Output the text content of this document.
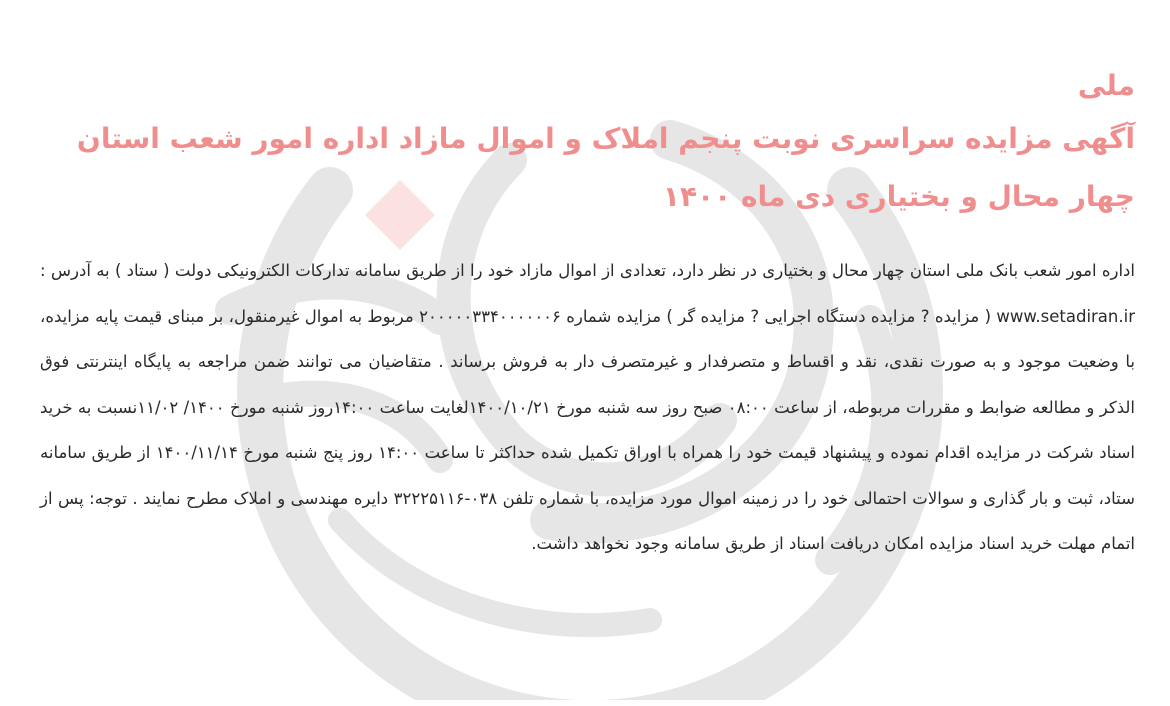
ملی
آگهی مزایده سراسری نوبت پنجم املاک و اموال مازاد اداره امور شعب استان چهار محال و بختیاری دی ماه ۱۴۰۰

اداره امور شعب بانک ملی استان چهار محال و بختیاری در نظر دارد، تعدادی از اموال مازاد خود را از طریق سامانه تدارکات الکترونیکی دولت ( ستاد ) به آدرس : www.setadiran.ir ( مزایده ? مزایده دستگاه اجرایی ? مزایده گر ) مزایده شماره ۲۰۰۰۰۰۳۳۴۰۰۰۰۰۰۶ مربوط به اموال غیرمنقول، بر مبنای قیمت پایه مزایده، با وضعیت موجود و به صورت نقدی، نقد و اقساط و متصرفدار و غیرمتصرف دار به فروش برساند . متقاضیان می توانند ضمن مراجعه به پایگاه اینترنتی فوق الذکر و مطالعه ضوابط و مقررات مربوطه، از ساعت ۰۸:۰۰ صبح روز سه شنبه مورخ ۱۴۰۰/۱۰/۲۱لغایت ساعت ۱۴:۰۰روز شنبه مورخ ۱۴۰۰/ ۱۱/۰۲نسبت به خرید اسناد شرکت در مزایده اقدام نموده و پیشنهاد قیمت خود را همراه با اوراق تکمیل شده حداکثر تا ساعت ۱۴:۰۰ روز پنج شنبه مورخ ۱۴۰۰/۱۱/۱۴ از طریق سامانه ستاد، ثبت و بار گذاری و سوالات احتمالی خود را در زمینه اموال مورد مزایده، با شماره تلفن ۰۳۸-۳۲۲۲۵۱۱۶ دایره مهندسی و املاک مطرح نمایند . توجه: پس از اتمام مهلت خرید اسناد مزایده امکان دریافت اسناد از طریق سامانه وجود نخواهد داشت.
